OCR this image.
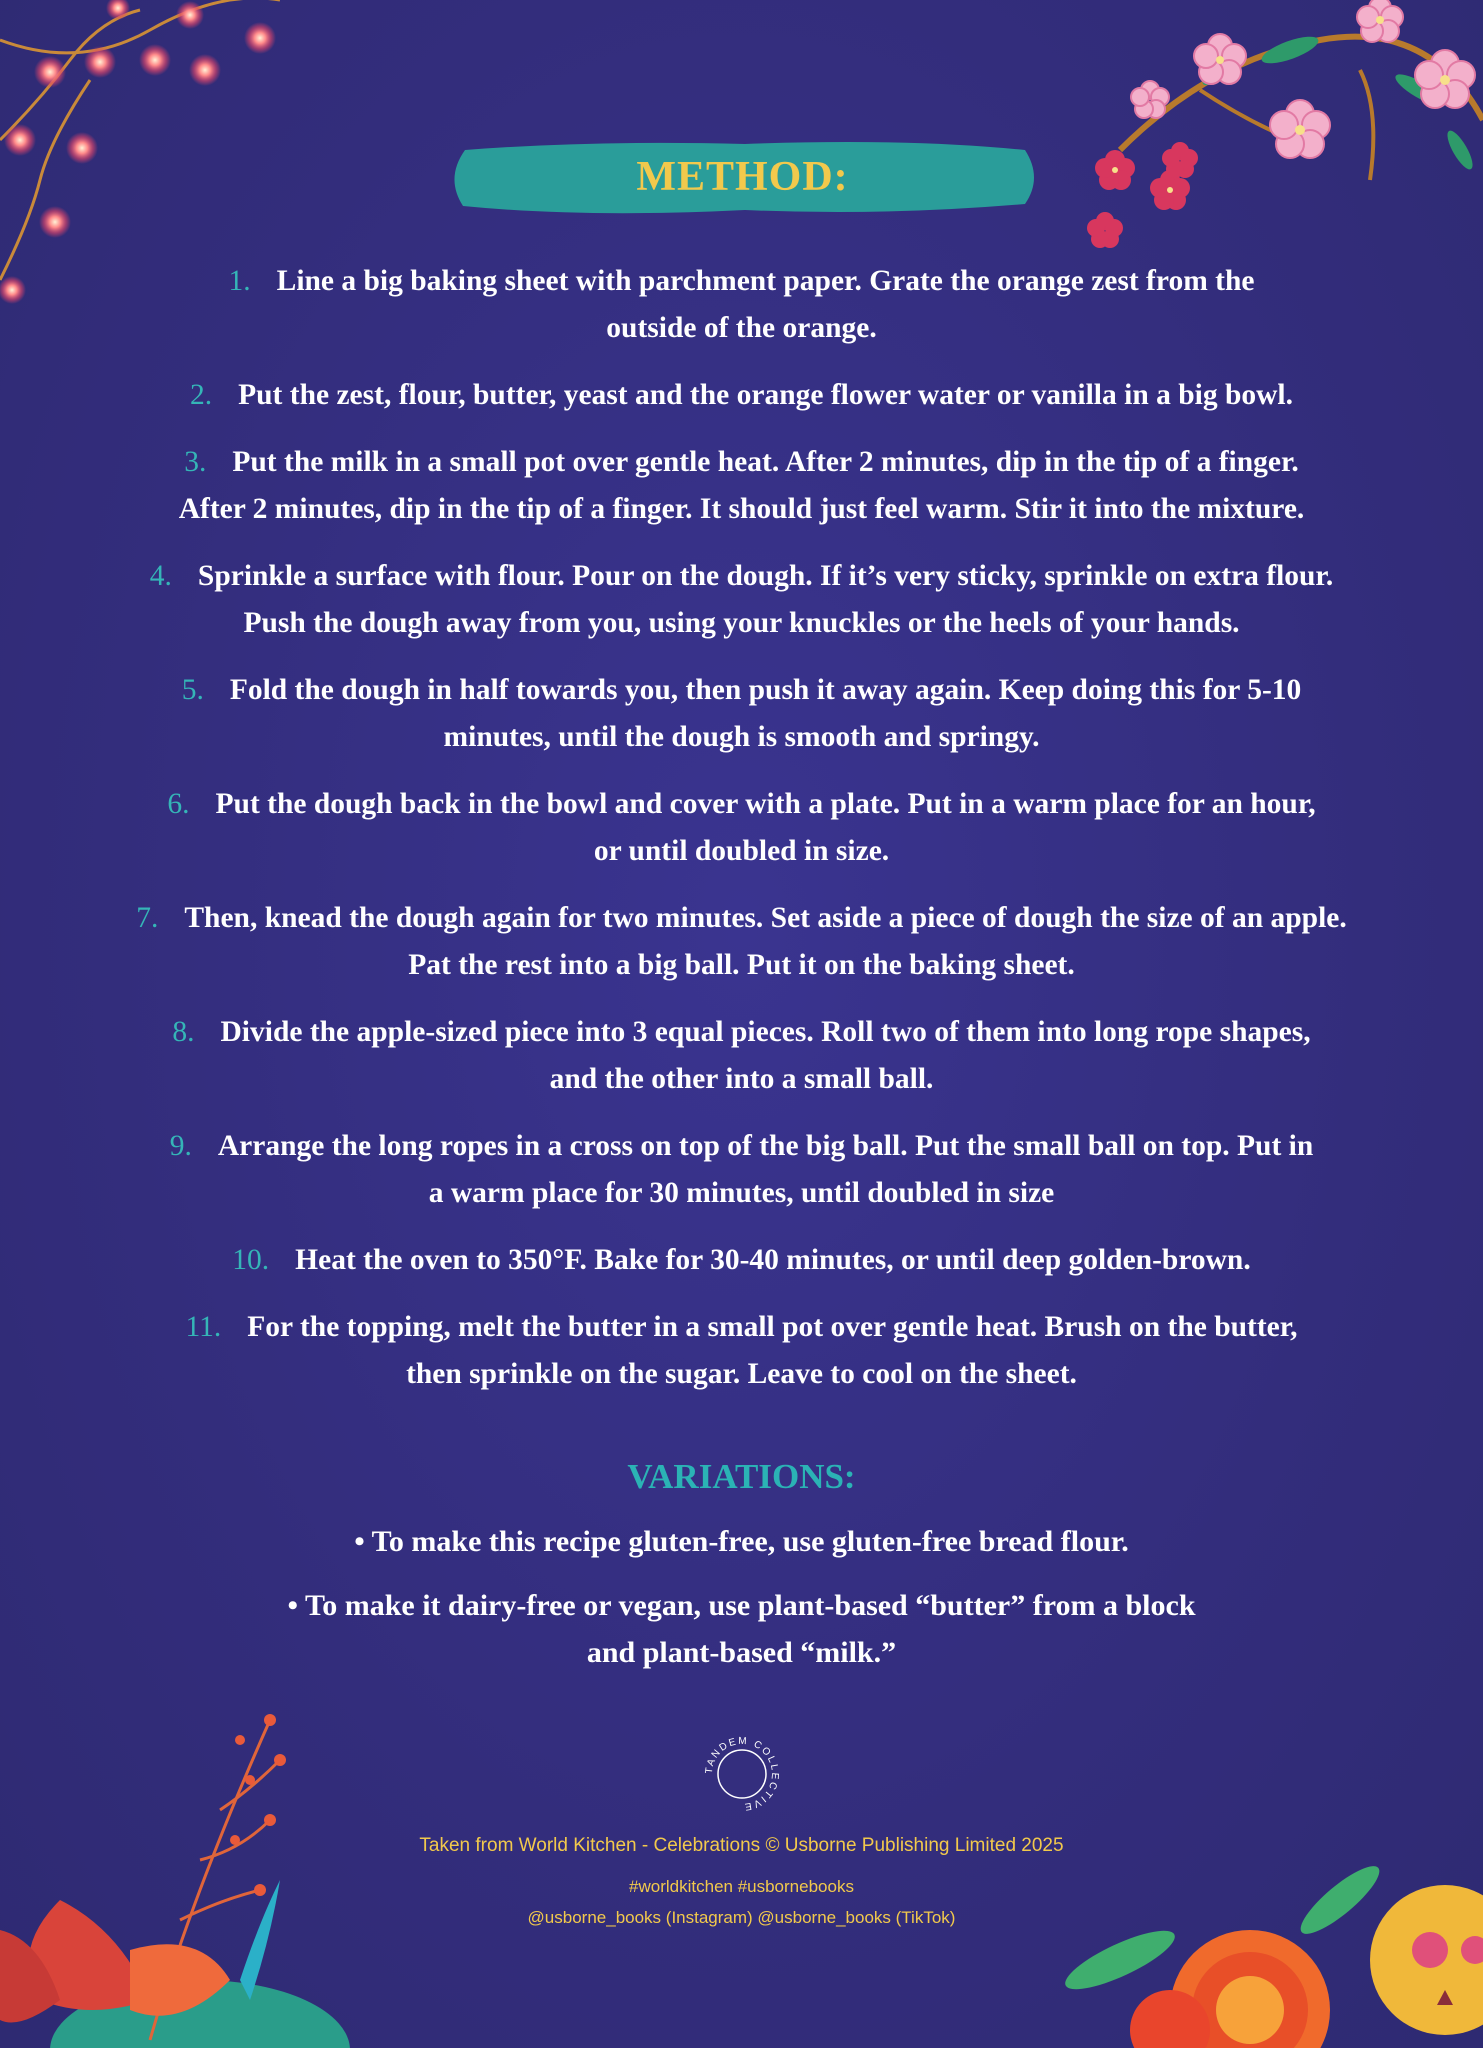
METHOD:
1. Line a big baking sheet with parchment paper. Grate the orange zest from the
outside of the orange.
2. Put the zest, flour, butter, yeast and the orange flower water or vanilla in a big bowl.
3. Put the milk in a small pot over gentle heat. After 2 minutes, dip in the tip of a finger.
After 2 minutes, dip in the tip of a finger. It should just feel warm. Stir it into the mixture.
4. Sprinkle a surface with flour. Pour on the dough. If it’s very sticky, sprinkle on extra flour.
Push the dough away from you, using your knuckles or the heels of your hands.
5. Fold the dough in half towards you, then push it away again. Keep doing this for 5-10
minutes, until the dough is smooth and springy.
6. Put the dough back in the bowl and cover with a plate. Put in a warm place for an hour,
or until doubled in size.
7. Then, knead the dough again for two minutes. Set aside a piece of dough the size of an apple.
Pat the rest into a big ball. Put it on the baking sheet.
8. Divide the apple-sized piece into 3 equal pieces. Roll two of them into long rope shapes,
and the other into a small ball.
9. Arrange the long ropes in a cross on top of the big ball. Put the small ball on top. Put in
a warm place for 30 minutes, until doubled in size
10. Heat the oven to 350°F. Bake for 30-40 minutes, or until deep golden-brown.
11. For the topping, melt the butter in a small pot over gentle heat. Brush on the butter,
then sprinkle on the sugar. Leave to cool on the sheet.
VARIATIONS:
• To make this recipe gluten-free, use gluten-free bread flour.
• To make it dairy-free or vegan, use plant-based “butter” from a block
and plant-based “milk.”
TANDEM COLLECTIVE
Taken from World Kitchen - Celebrations © Usborne Publishing Limited 2025
#worldkitchen #usbornebooks
@usborne_books (Instagram) @usborne_books (TikTok)
